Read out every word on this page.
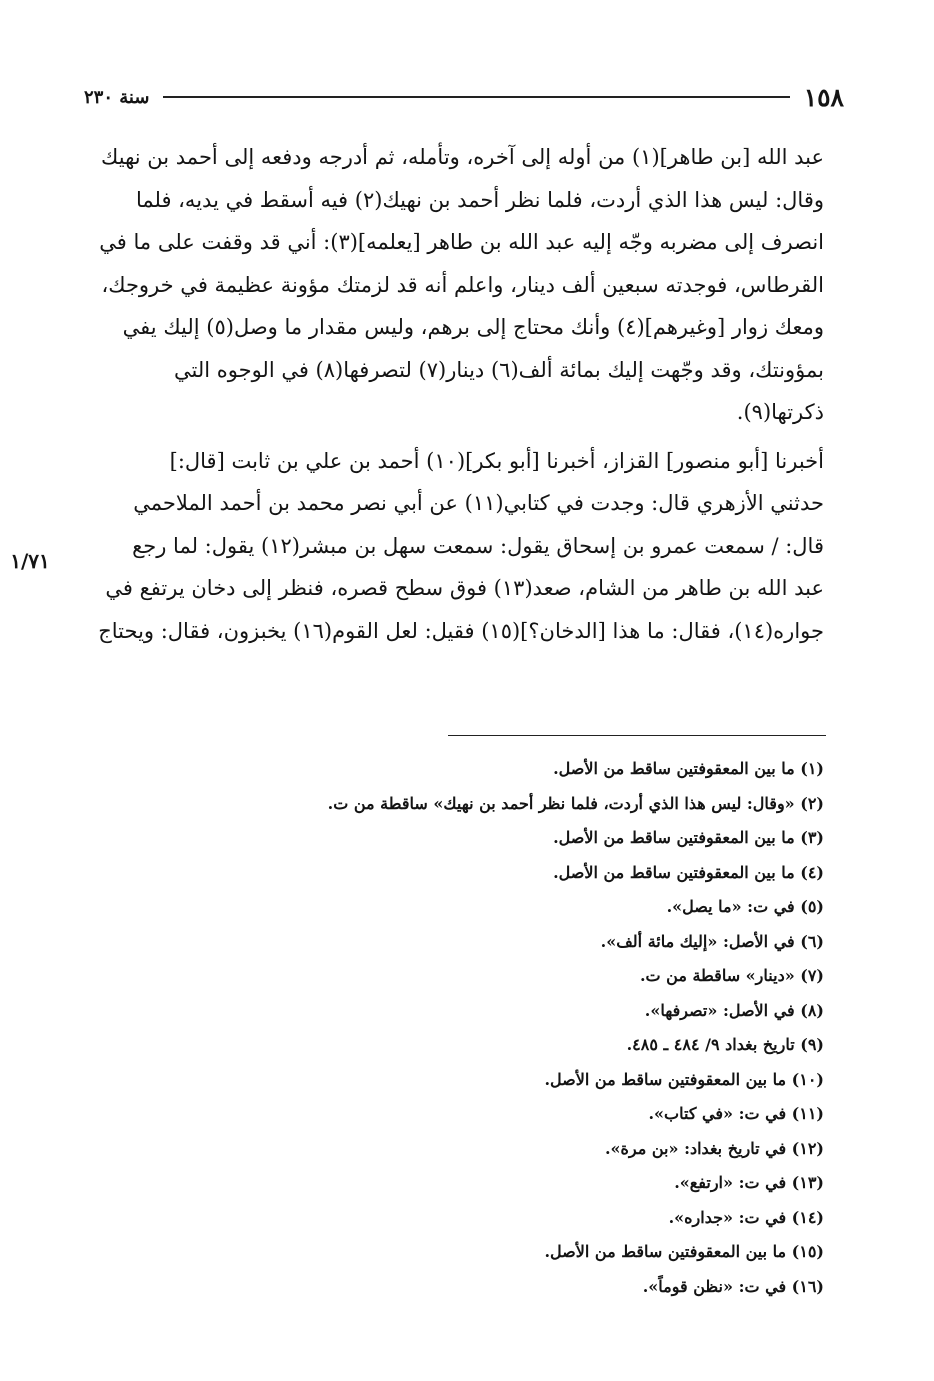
١٥٨
سنة ٢٣٠

عبد الله [بن طاهر](١) من أوله إلى آخره، وتأمله، ثم أدرجه ودفعه إلى أحمد بن نهيك
وقال: ليس هذا الذي أردت، فلما نظر أحمد بن نهيك(٢) فيه أسقط في يديه، فلما
انصرف إلى مضربه وجّه إليه عبد الله بن طاهر [يعلمه](٣): أني قد وقفت على ما في
القرطاس، فوجدته سبعين ألف دينار، واعلم أنه قد لزمتك مؤونة عظيمة في خروجك،
ومعك زوار [وغيرهم](٤) وأنك محتاج إلى برهم، وليس مقدار ما وصل(٥) إليك يفي
بمؤونتك، وقد وجّهت إليك بمائة ألف(٦) دينار(٧) لتصرفها(٨) في الوجوه التي
ذكرتها(٩).

أخبرنا [أبو منصور] القزاز، أخبرنا [أبو بكر](١٠) أحمد بن علي بن ثابت [قال:]
حدثني الأزهري قال: وجدت في كتابي(١١) عن أبي نصر محمد بن أحمد الملاحمي
قال: / سمعت عمرو بن إسحاق يقول: سمعت سهل بن مبشر(١٢) يقول: لما رجع
عبد الله بن طاهر من الشام، صعد(١٣) فوق سطح قصره، فنظر إلى دخان يرتفع في
جواره(١٤)، فقال: ما هذا [الدخان؟](١٥) فقيل: لعل القوم(١٦) يخبزون، فقال: ويحتاج

١/٧١
(١) ما بين المعقوفتين ساقط من الأصل.
(٢) «وقال: ليس هذا الذي أردت، فلما نظر أحمد بن نهيك» ساقطة من ت.
(٣) ما بين المعقوفتين ساقط من الأصل.
(٤) ما بين المعقوفتين ساقط من الأصل.
(٥) في ت: «ما يصل».
(٦) في الأصل: «إليك مائة ألف».
(٧) «دينار» ساقطة من ت.
(٨) في الأصل: «تصرفها».
(٩) تاريخ بغداد ٩/ ٤٨٤ ـ ٤٨٥.
(١٠) ما بين المعقوفتين ساقط من الأصل.
(١١) في ت: «في كتاب».
(١٢) في تاريخ بغداد: «بن مرة».
(١٣) في ت: «ارتفع».
(١٤) في ت: «جداره».
(١٥) ما بين المعقوفتين ساقط من الأصل.
(١٦) في ت: «نظن قوماً».
